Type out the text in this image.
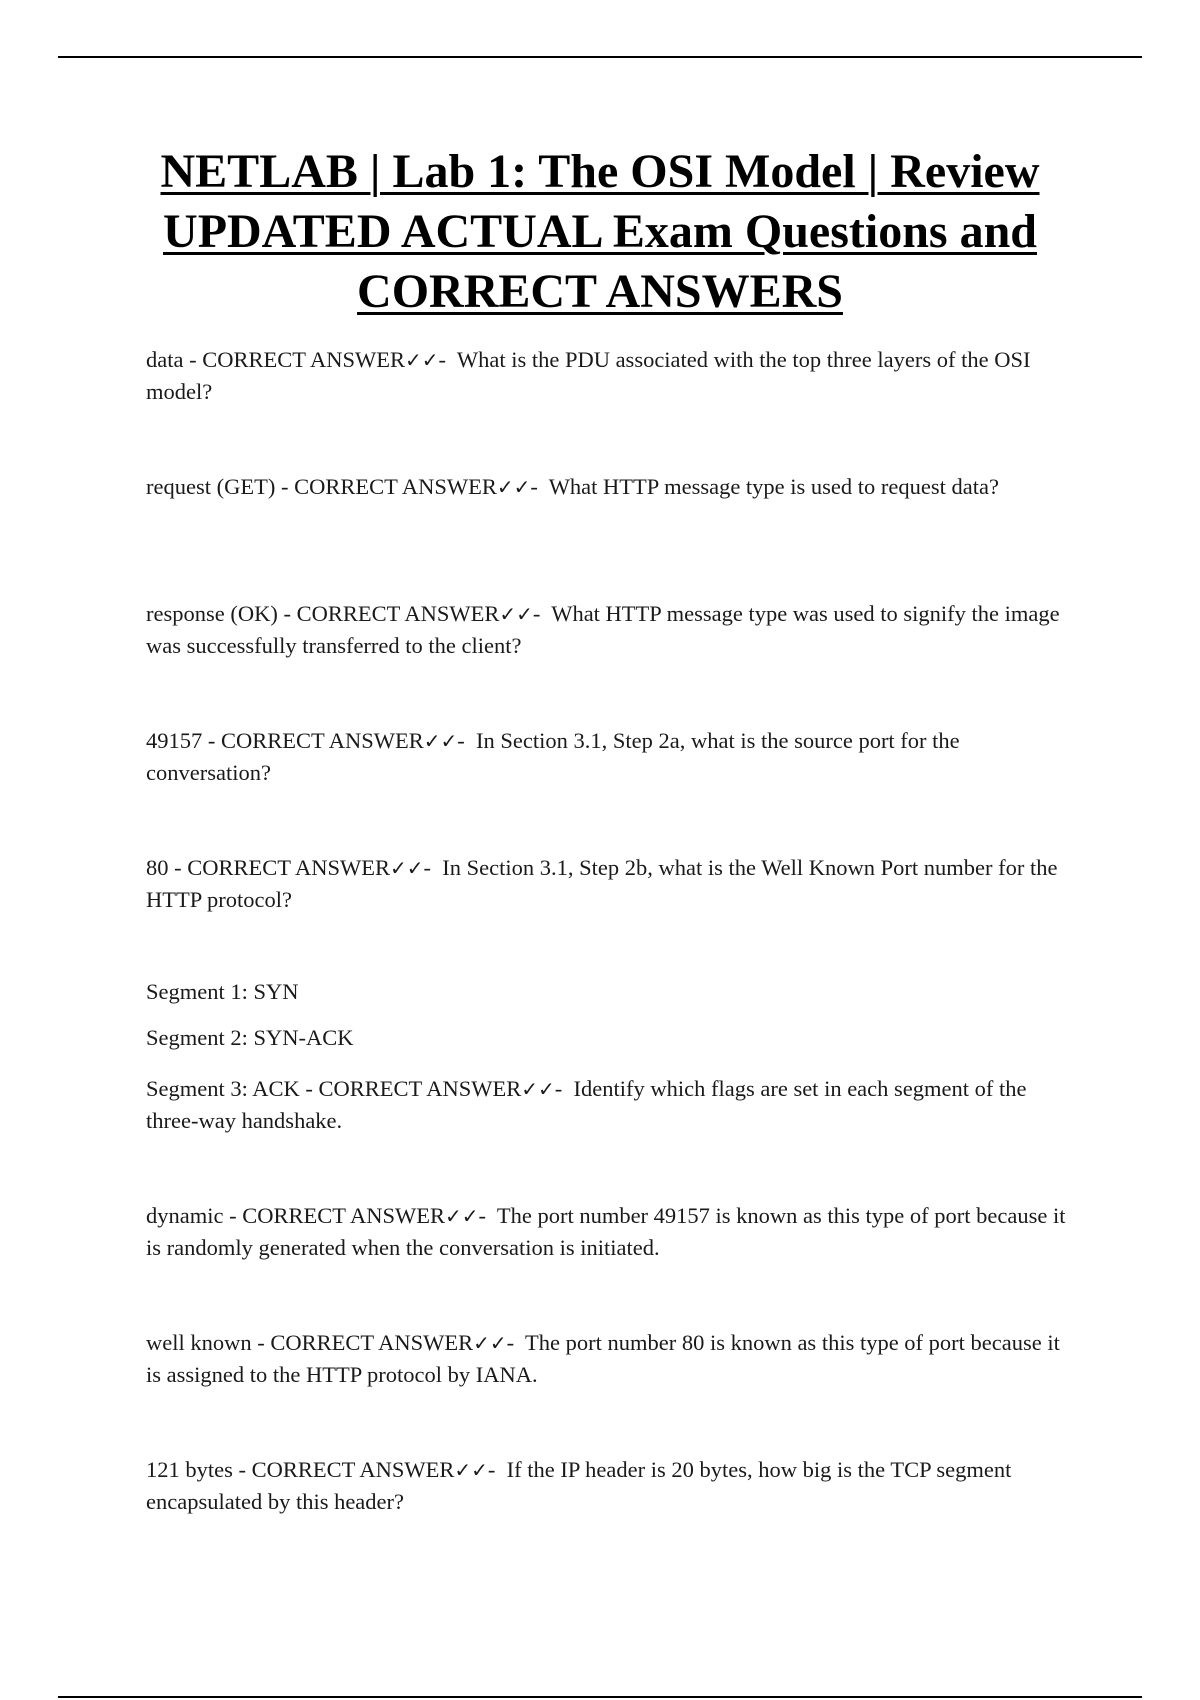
NETLAB | Lab 1: The OSI Model | Review
UPDATED ACTUAL Exam Questions and
CORRECT ANSWERS

data - CORRECT ANSWER✓✓-  What is the PDU associated with the top three layers of the OSI model?

request (GET) - CORRECT ANSWER✓✓-  What HTTP message type is used to request data?

response (OK) - CORRECT ANSWER✓✓-  What HTTP message type was used to signify the image was successfully transferred to the client?

49157 - CORRECT ANSWER✓✓-  In Section 3.1, Step 2a, what is the source port for the conversation?

80 - CORRECT ANSWER✓✓-  In Section 3.1, Step 2b, what is the Well Known Port number for the HTTP protocol?

Segment 1: SYN

Segment 2: SYN-ACK

Segment 3: ACK - CORRECT ANSWER✓✓-  Identify which flags are set in each segment of the three-way handshake.

dynamic - CORRECT ANSWER✓✓-  The port number 49157 is known as this type of port because it is randomly generated when the conversation is initiated.

well known - CORRECT ANSWER✓✓-  The port number 80 is known as this type of port because it is assigned to the HTTP protocol by IANA.

121 bytes - CORRECT ANSWER✓✓-  If the IP header is 20 bytes, how big is the TCP segment encapsulated by this header?
